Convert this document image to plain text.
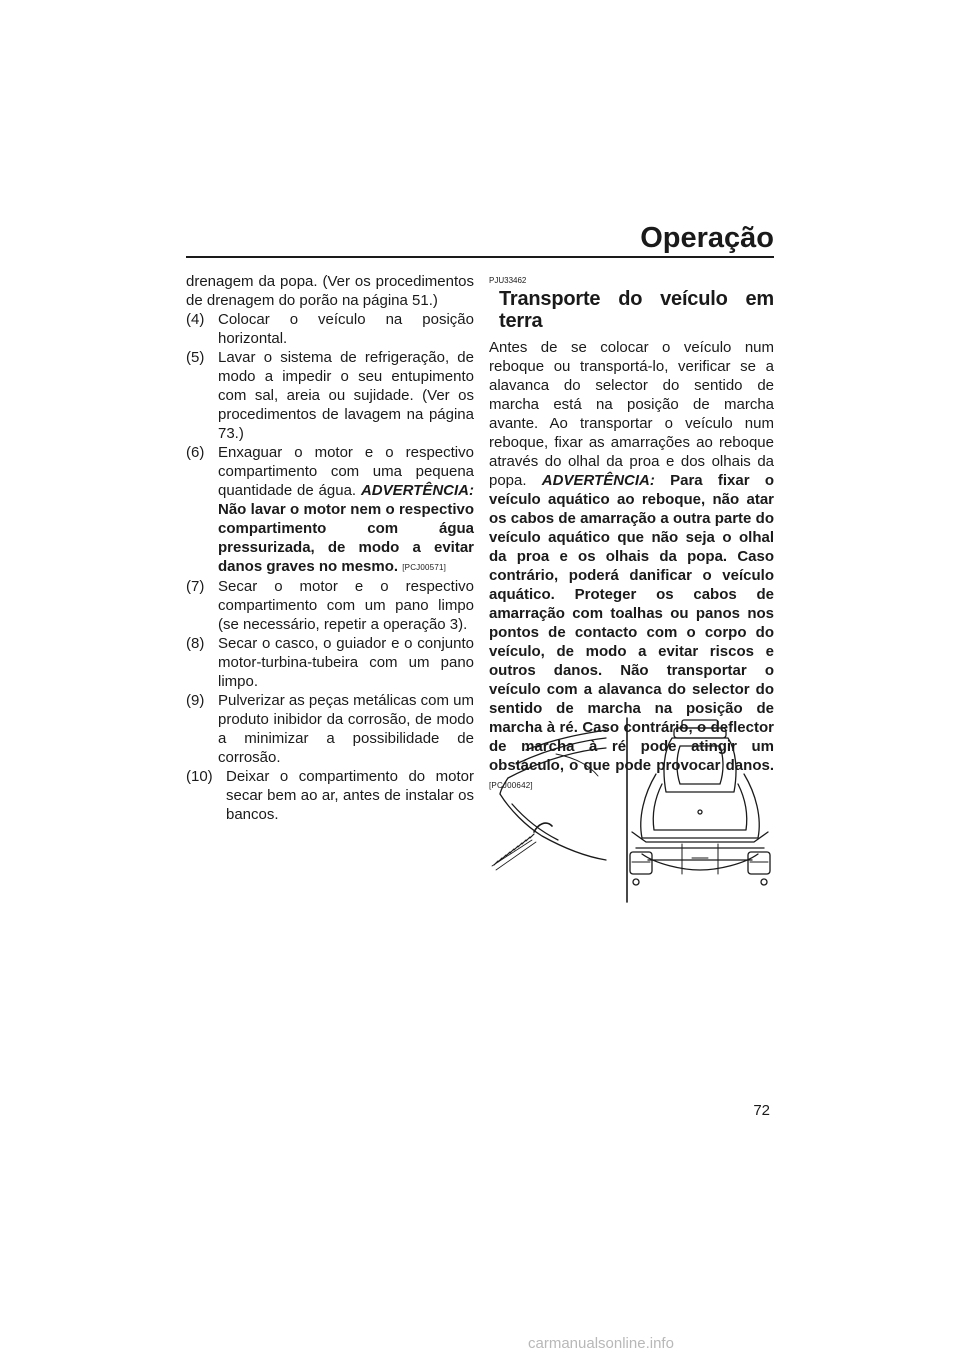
Operação

drenagem da popa. (Ver os procedimentos de drenagem do porão na página 51.)

(4) Colocar o veículo na posição horizontal.
(5) Lavar o sistema de refrigeração, de modo a impedir o seu entupimento com sal, areia ou sujidade. (Ver os procedimentos de lavagem na página 73.)
(6) Enxaguar o motor e o respectivo compartimento com uma pequena quantidade de água. ADVERTÊNCIA: Não lavar o motor nem o respectivo compartimento com água pressurizada, de modo a evitar danos graves no mesmo. [PCJ00571]
(7) Secar o motor e o respectivo compartimento com um pano limpo (se necessário, repetir a operação 3).
(8) Secar o casco, o guiador e o conjunto motor-turbina-tubeira com um pano limpo.
(9) Pulverizar as peças metálicas com um produto inibidor da corrosão, de modo a minimizar a possibilidade de corrosão.
(10) Deixar o compartimento do motor secar bem ao ar, antes de instalar os bancos.

PJU33462

Transporte do veículo em terra

Antes de se colocar o veículo num reboque ou transportá-lo, verificar se a alavanca do selector do sentido de marcha está na posição de marcha avante. Ao transportar o veículo num reboque, fixar as amarrações ao reboque através do olhal da proa e dos olhais da popa. ADVERTÊNCIA: Para fixar o veículo aquático ao reboque, não atar os cabos de amarração a outra parte do veículo aquático que não seja o olhal da proa e os olhais da popa. Caso contrário, poderá danificar o veículo aquático. Proteger os cabos de amarração com toalhas ou panos nos pontos de contacto com o corpo do veículo, de modo a evitar riscos e outros danos. Não transportar o veículo com a alavanca do selector do sentido de marcha na posição de marcha à ré. Caso contrário, o deflector de marcha à ré pode atingir um obstáculo, o que pode provocar danos. [PCJ00642]

72
carmanualsonline.info
